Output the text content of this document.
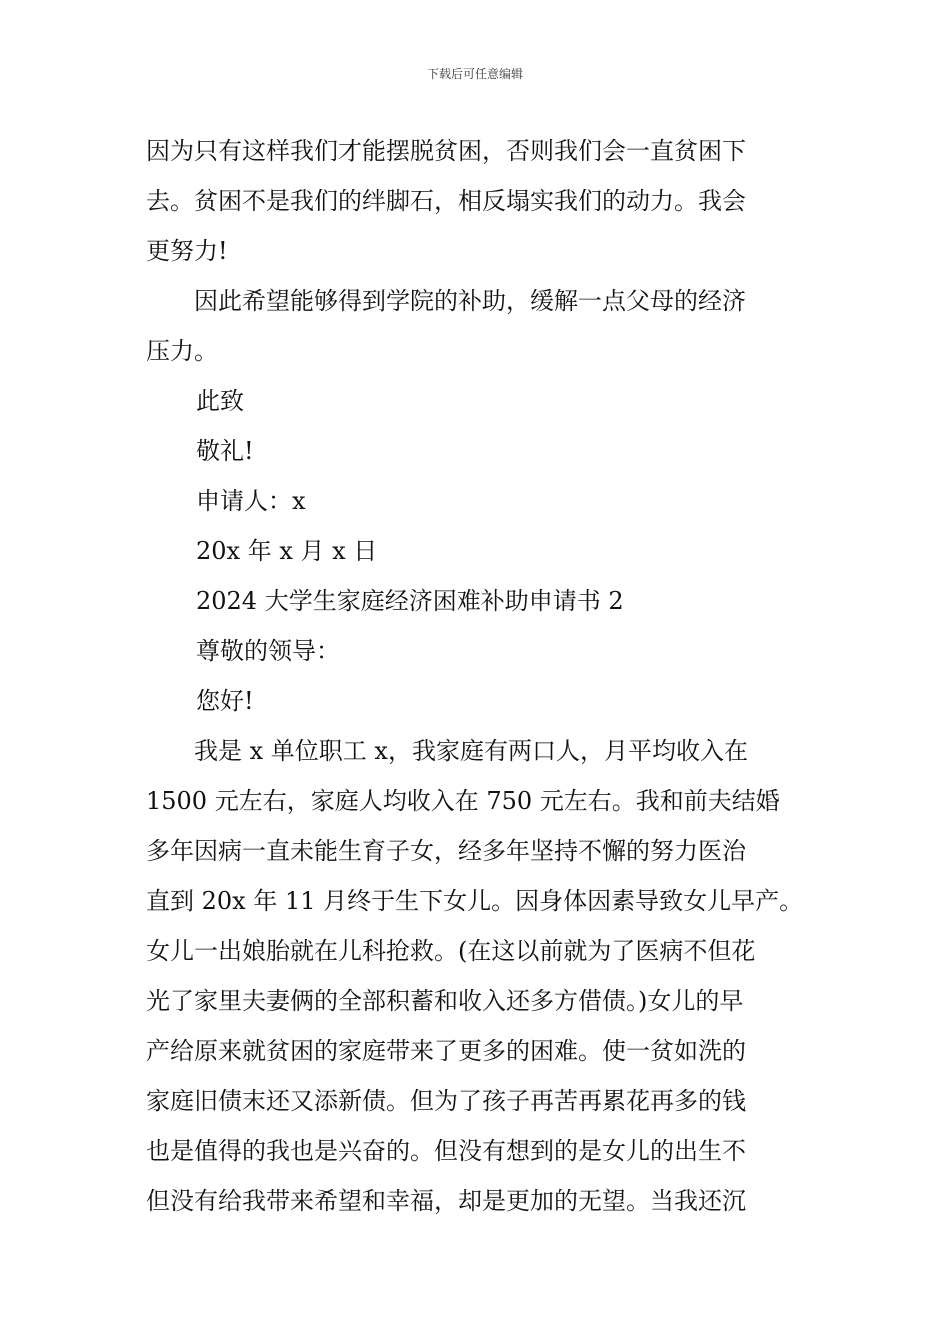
下载后可任意编辑
因为只有这样我们才能摆脱贫困，否则我们会一直贫困下
去。贫困不是我们的绊脚石，相反塌实我们的动力。我会
更努力!
因此希望能够得到学院的补助，缓解一点父母的经济
压力。
此致
敬礼!
申请人：x
20x 年 x 月 x 日
2024 大学生家庭经济困难补助申请书 2
尊敬的领导：
您好!
我是 x 单位职工 x，我家庭有两口人，月平均收入在
1500 元左右，家庭人均收入在 750 元左右。我和前夫结婚
多年因病一直未能生育子女，经多年坚持不懈的努力医治
直到 20x 年 11 月终于生下女儿。因身体因素导致女儿早产。
女儿一出娘胎就在儿科抢救。(在这以前就为了医病不但花
光了家里夫妻俩的全部积蓄和收入还多方借债。)女儿的早
产给原来就贫困的家庭带来了更多的困难。使一贫如洗的
家庭旧债末还又添新债。但为了孩子再苦再累花再多的钱
也是值得的我也是兴奋的。但没有想到的是女儿的出生不
但没有给我带来希望和幸福，却是更加的无望。当我还沉
